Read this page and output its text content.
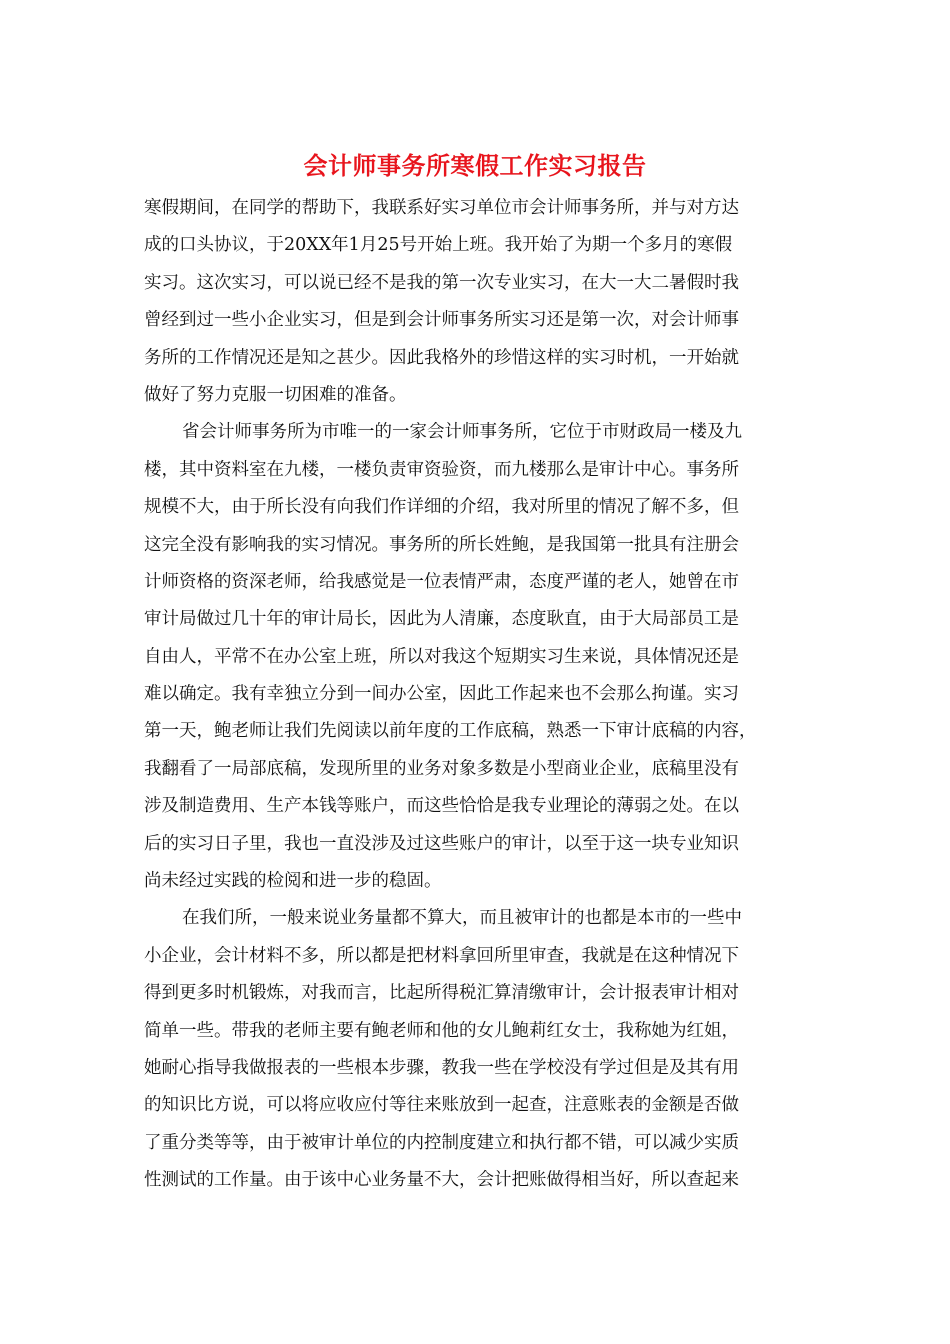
会计师事务所寒假工作实习报告
寒假期间，在同学的帮助下，我联系好实习单位市会计师事务所，并与对方达
成的口头协议，于20XX年1月25号开始上班。我开始了为期一个多月的寒假
实习。这次实习，可以说已经不是我的第一次专业实习，在大一大二暑假时我
曾经到过一些小企业实习，但是到会计师事务所实习还是第一次，对会计师事
务所的工作情况还是知之甚少。因此我格外的珍惜这样的实习时机，一开始就
做好了努力克服一切困难的准备。
省会计师事务所为市唯一的一家会计师事务所，它位于市财政局一楼及九
楼，其中资料室在九楼，一楼负责审资验资，而九楼那么是审计中心。事务所
规模不大，由于所长没有向我们作详细的介绍，我对所里的情况了解不多，但
这完全没有影响我的实习情况。事务所的所长姓鲍，是我国第一批具有注册会
计师资格的资深老师，给我感觉是一位表情严肃，态度严谨的老人，她曾在市
审计局做过几十年的审计局长，因此为人清廉，态度耿直，由于大局部员工是
自由人，平常不在办公室上班，所以对我这个短期实习生来说，具体情况还是
难以确定。我有幸独立分到一间办公室，因此工作起来也不会那么拘谨。实习
第一天，鲍老师让我们先阅读以前年度的工作底稿，熟悉一下审计底稿的内容，
我翻看了一局部底稿，发现所里的业务对象多数是小型商业企业，底稿里没有
涉及制造费用、生产本钱等账户，而这些恰恰是我专业理论的薄弱之处。在以
后的实习日子里，我也一直没涉及过这些账户的审计，以至于这一块专业知识
尚未经过实践的检阅和进一步的稳固。
在我们所，一般来说业务量都不算大，而且被审计的也都是本市的一些中
小企业，会计材料不多，所以都是把材料拿回所里审查，我就是在这种情况下
得到更多时机锻炼，对我而言，比起所得税汇算清缴审计，会计报表审计相对
简单一些。带我的老师主要有鲍老师和他的女儿鲍莉红女士，我称她为红姐，
她耐心指导我做报表的一些根本步骤，教我一些在学校没有学过但是及其有用
的知识比方说，可以将应收应付等往来账放到一起查，注意账表的金额是否做
了重分类等等，由于被审计单位的内控制度建立和执行都不错，可以减少实质
性测试的工作量。由于该中心业务量不大，会计把账做得相当好，所以查起来
